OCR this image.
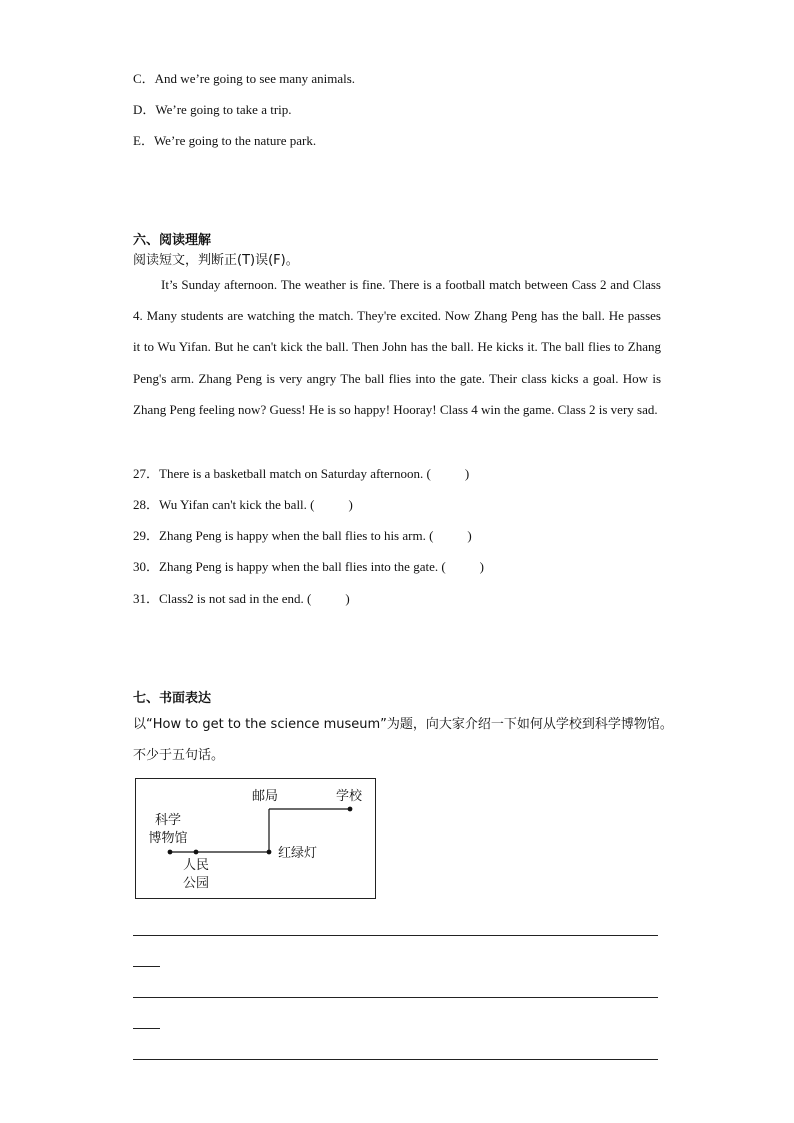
C．And we’re going to see many animals.
D．We’re going to take a trip.
E．We’re going to the nature park.
六、阅读理解
阅读短文，判断正(T)误(F)。
It’s Sunday afternoon. The weather is fine. There is a football match between Cass 2 and Class 4. Many students are watching the match. They're excited. Now Zhang Peng has the ball. He passes it to Wu Yifan. But he can't kick the ball. Then John has the ball. He kicks it. The ball flies to Zhang Peng's arm. Zhang Peng is very angry The ball flies into the gate. Their class kicks a goal. How is Zhang Peng feeling now? Guess! He is so happy! Hooray! Class 4 win the game. Class 2 is very sad.
27．There is a basketball match on Saturday afternoon. (	)
28．Wu Yifan can't kick the ball. (	)
29．Zhang Peng is happy when the ball flies to his arm. (	)
30．Zhang Peng is happy when the ball flies into the gate. (	)
31．Class2 is not sad in the end. (	)
七、书面表达
以“How to get to the science museum”为题，向大家介绍一下如何从学校到科学博物馆。
不少于五句话。
邮局	学校
科学
博物馆
人民
公园
红绿灯
